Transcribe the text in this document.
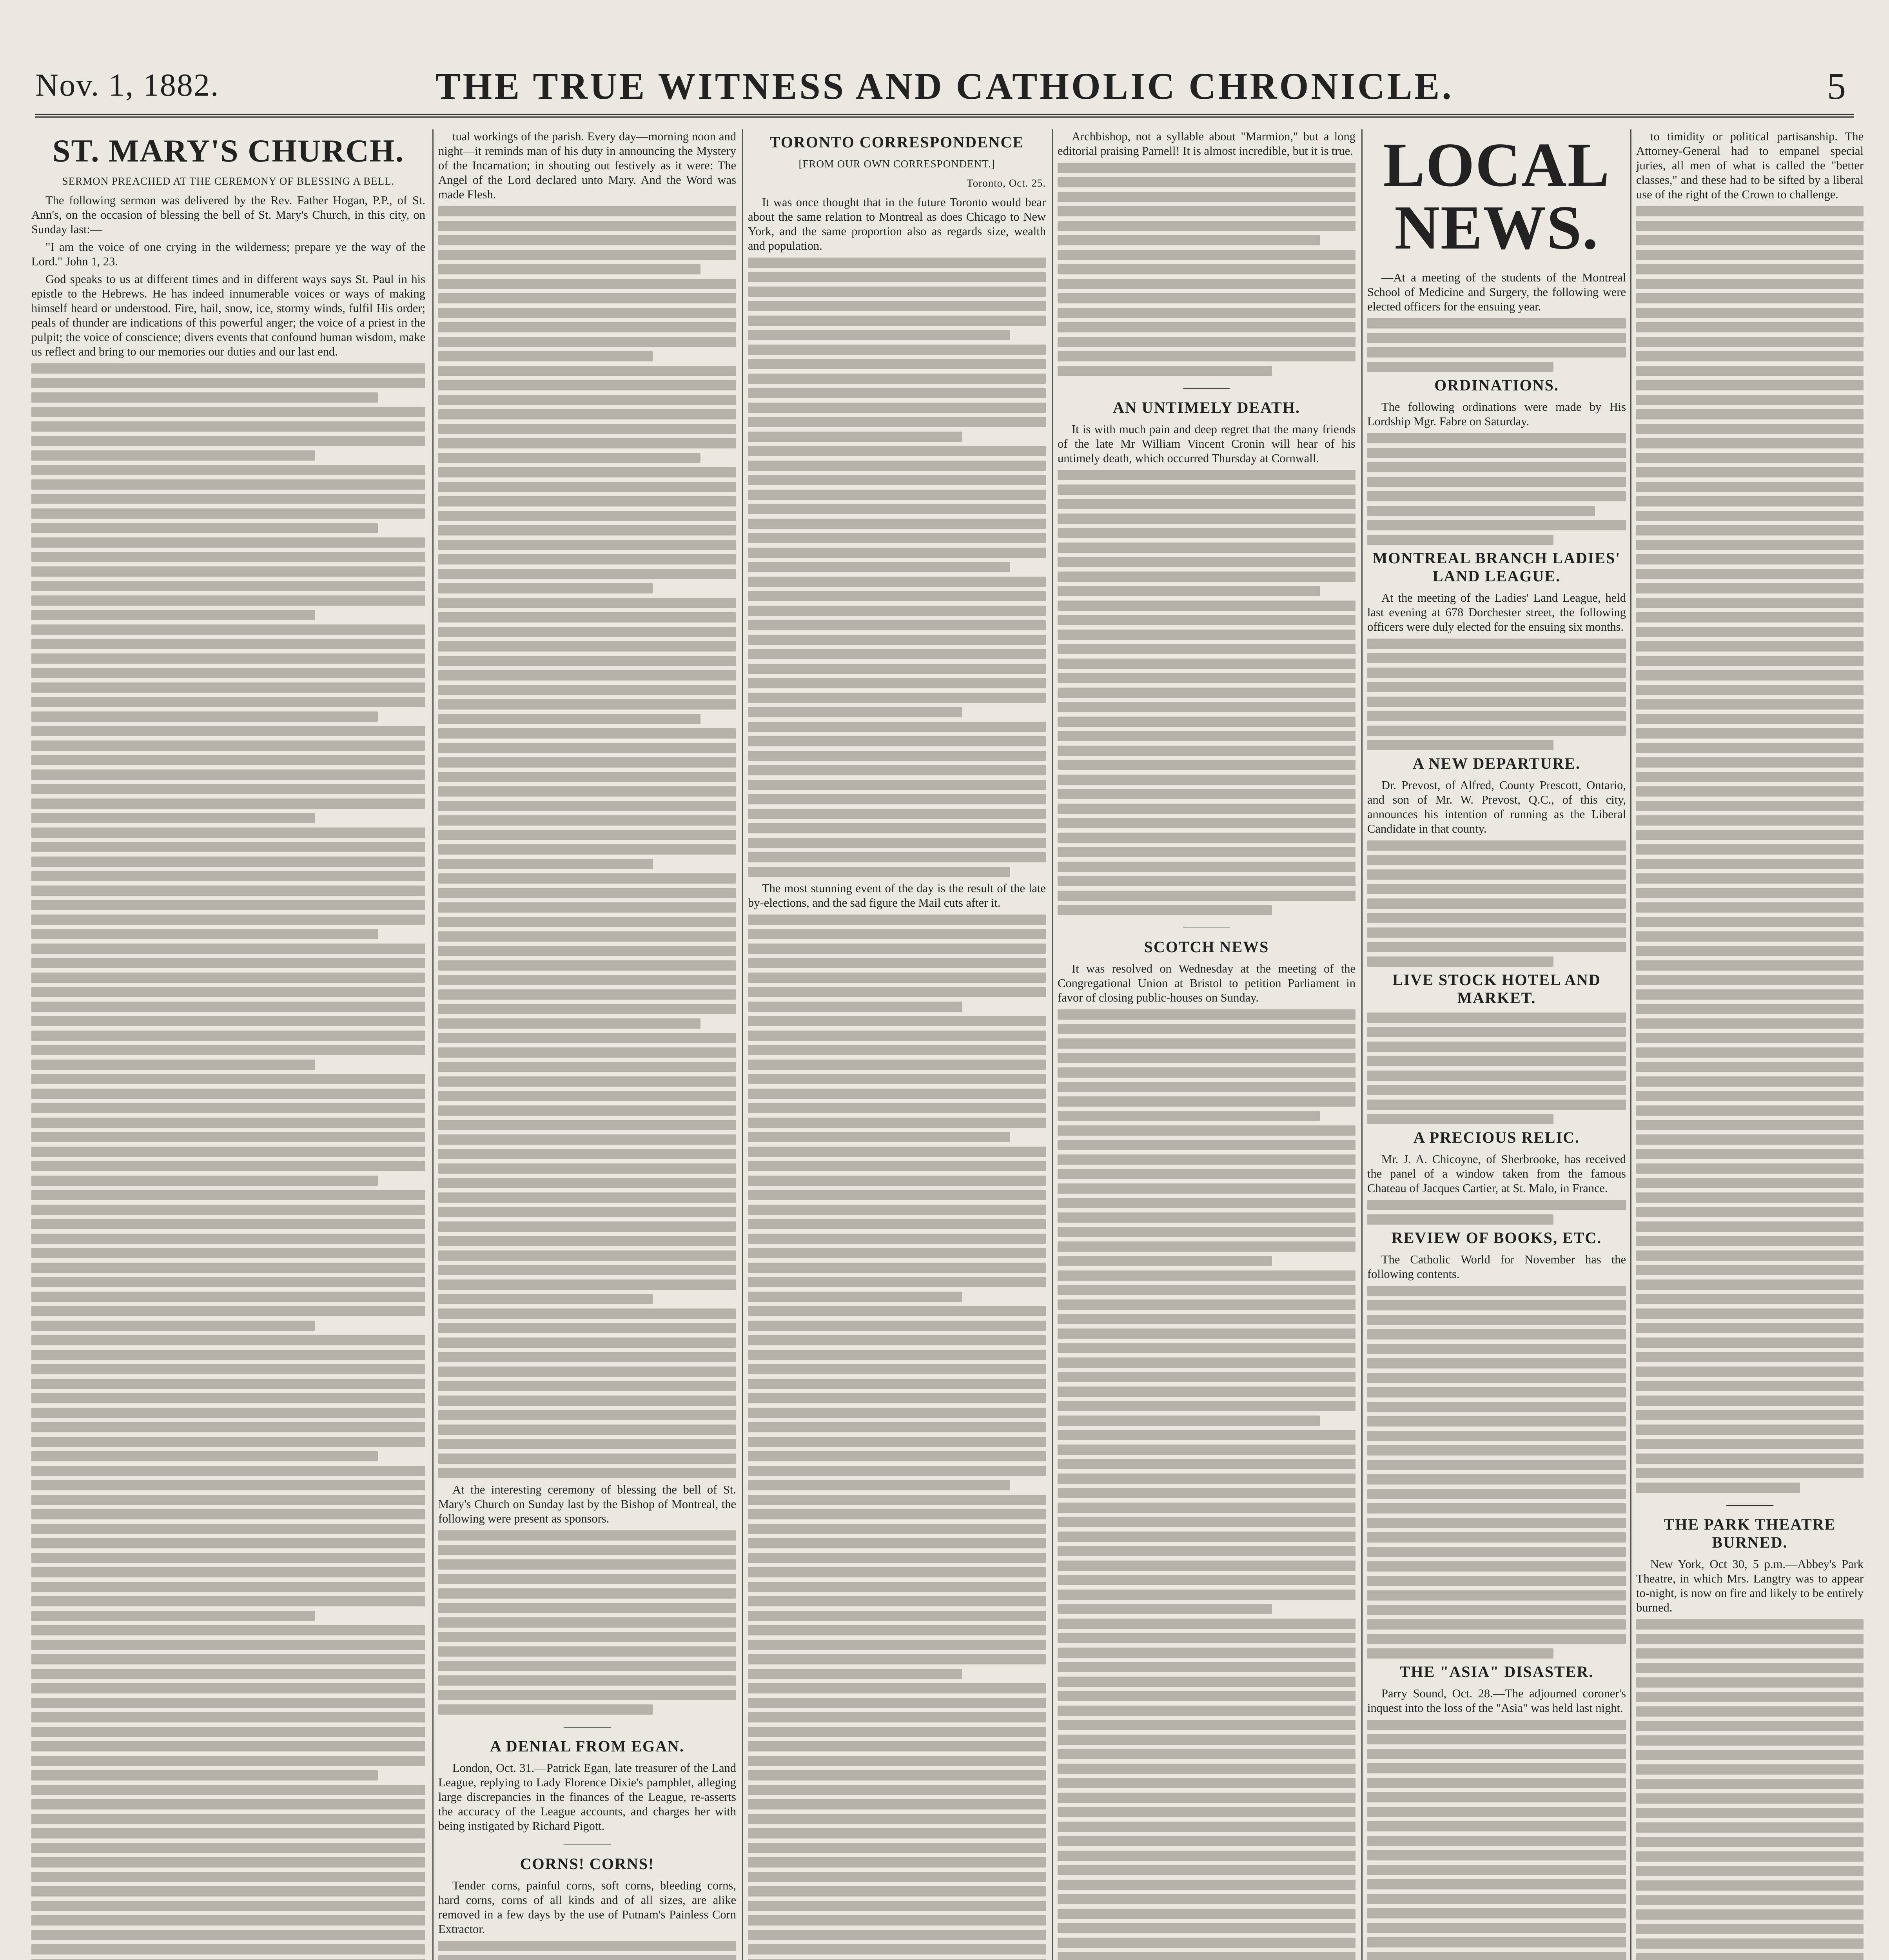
Nov. 1, 1882.	THE TRUE WITNESS AND CATHOLIC CHRONICLE.	5
ST. MARY'S CHURCH.
SERMON PREACHED AT THE CEREMONY OF BLESSING A BELL.

The following sermon was delivered by the Rev. Father Hogan, P.P., of St. Ann's, on the occasion of blessing the bell of St. Mary's Church, in this city, on Sunday last:—

"I am the voice of one crying in the wilderness; prepare ye the way of the Lord." John 1, 23.

God speaks to us at different times and in different ways says St. Paul in his epistle to the Hebrews. He has indeed innumerable voices or ways of making himself heard or understood. Fire, hail, snow, ice, stormy winds, fulfil His order; peals of thunder are indications of this powerful anger; the voice of a priest in the pulpit; the voice of conscience; divers events that confound human wisdom, make us reflect and bring to our memories our duties and our last end.

tual workings of the parish. Every day—morning noon and night—it reminds man of his duty in announcing the Mystery of the Incarnation; in shouting out festively as it were: The Angel of the Lord declared unto Mary. And the Word was made Flesh.

At the interesting ceremony of blessing the bell of St. Mary's Church on Sunday last by the Bishop of Montreal, the following were present as sponsors.

————
A DENIAL FROM EGAN.

London, Oct. 31.—Patrick Egan, late treasurer of the Land League, replying to Lady Florence Dixie's pamphlet, alleging large discrepancies in the finances of the League, re-asserts the accuracy of the League accounts, and charges her with being instigated by Richard Pigott.

————
CORNS! CORNS!

Tender corns, painful corns, soft corns, bleeding corns, hard corns, corns of all kinds and of all sizes, are alike removed in a few days by the use of Putnam's Painless Corn Extractor.

TORONTO CORRESPONDENCE
[FROM OUR OWN CORRESPONDENT.]
Toronto, Oct. 25.

It was once thought that in the future Toronto would bear about the same relation to Montreal as does Chicago to New York, and the same proportion also as regards size, wealth and population.

The most stunning event of the day is the result of the late by-elections, and the sad figure the Mail cuts after it.

Archbishop, not a syllable about "Marmion," but a long editorial praising Parnell! It is almost incredible, but it is true.

————
AN UNTIMELY DEATH.

It is with much pain and deep regret that the many friends of the late Mr William Vincent Cronin will hear of his untimely death, which occurred Thursday at Cornwall.

————
SCOTCH NEWS

It was resolved on Wednesday at the meeting of the Congregational Union at Bristol to petition Parliament in favor of closing public-houses on Sunday.

LOCAL NEWS.

—At a meeting of the students of the Montreal School of Medicine and Surgery, the following were elected officers for the ensuing year.

ORDINATIONS.

The following ordinations were made by His Lordship Mgr. Fabre on Saturday.

MONTREAL BRANCH LADIES' LAND LEAGUE.

At the meeting of the Ladies' Land League, held last evening at 678 Dorchester street, the following officers were duly elected for the ensuing six months.

A NEW DEPARTURE.

Dr. Prevost, of Alfred, County Prescott, Ontario, and son of Mr. W. Prevost, Q.C., of this city, announces his intention of running as the Liberal Candidate in that county.

LIVE STOCK HOTEL AND MARKET.
A PRECIOUS RELIC.

Mr. J. A. Chicoyne, of Sherbrooke, has received the panel of a window taken from the famous Chateau of Jacques Cartier, at St. Malo, in France.

REVIEW OF BOOKS, ETC.

The Catholic World for November has the following contents.

THE "ASIA" DISASTER.

Parry Sound, Oct. 28.—The adjourned coroner's inquest into the loss of the "Asia" was held last night.

to timidity or political partisanship. The Attorney-General had to empanel special juries, all men of what is called the "better classes," and these had to be sifted by a liberal use of the right of the Crown to challenge.

————
THE PARK THEATRE BURNED.

New York, Oct 30, 5 p.m.—Abbey's Park Theatre, in which Mrs. Langtry was to appear to-night, is now on fire and likely to be entirely burned.
